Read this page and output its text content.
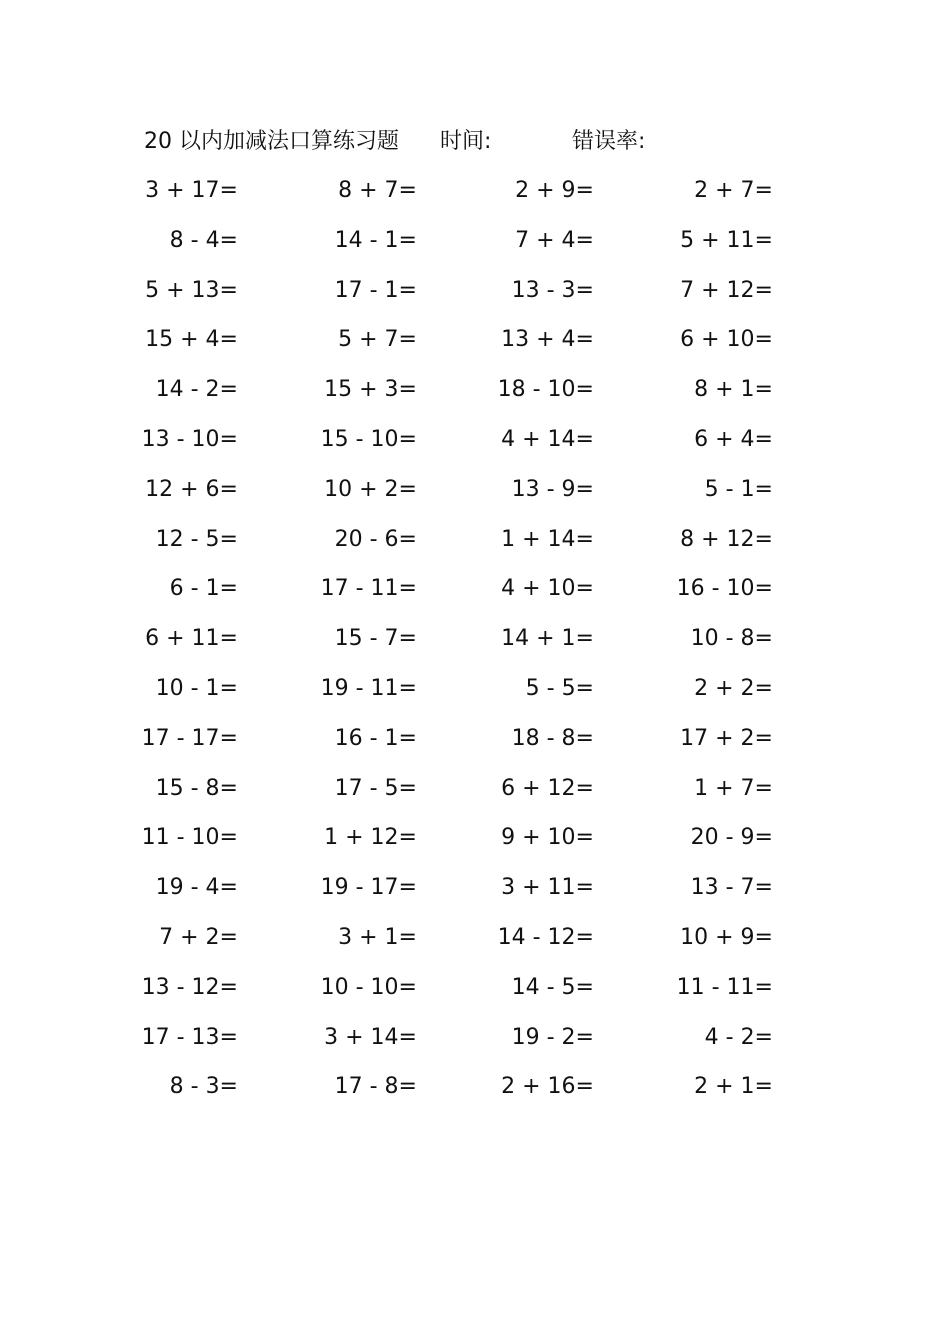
20 以内加减法口算练习题 时间:	错误率:
3 + 17=	8 + 7=	2 + 9=	2 + 7=
8 - 4=	14 - 1=	7 + 4=	5 + 11=
5 + 13=	17 - 1=	13 - 3=	7 + 12=
15 + 4=	5 + 7=	13 + 4=	6 + 10=
14 - 2=	15 + 3=	18 - 10=	8 + 1=
13 - 10=	15 - 10=	4 + 14=	6 + 4=
12 + 6=	10 + 2=	13 - 9=	5 - 1=
12 - 5=	20 - 6=	1 + 14=	8 + 12=
6 - 1=	17 - 11=	4 + 10=	16 - 10=
6 + 11=	15 - 7=	14 + 1=	10 - 8=
10 - 1=	19 - 11=	5 - 5=	2 + 2=
17 - 17=	16 - 1=	18 - 8=	17 + 2=
15 - 8=	17 - 5=	6 + 12=	1 + 7=
11 - 10=	1 + 12=	9 + 10=	20 - 9=
19 - 4=	19 - 17=	3 + 11=	13 - 7=
7 + 2=	3 + 1=	14 - 12=	10 + 9=
13 - 12=	10 - 10=	14 - 5=	11 - 11=
17 - 13=	3 + 14=	19 - 2=	4 - 2=
8 - 3=	17 - 8=	2 + 16=	2 + 1=
